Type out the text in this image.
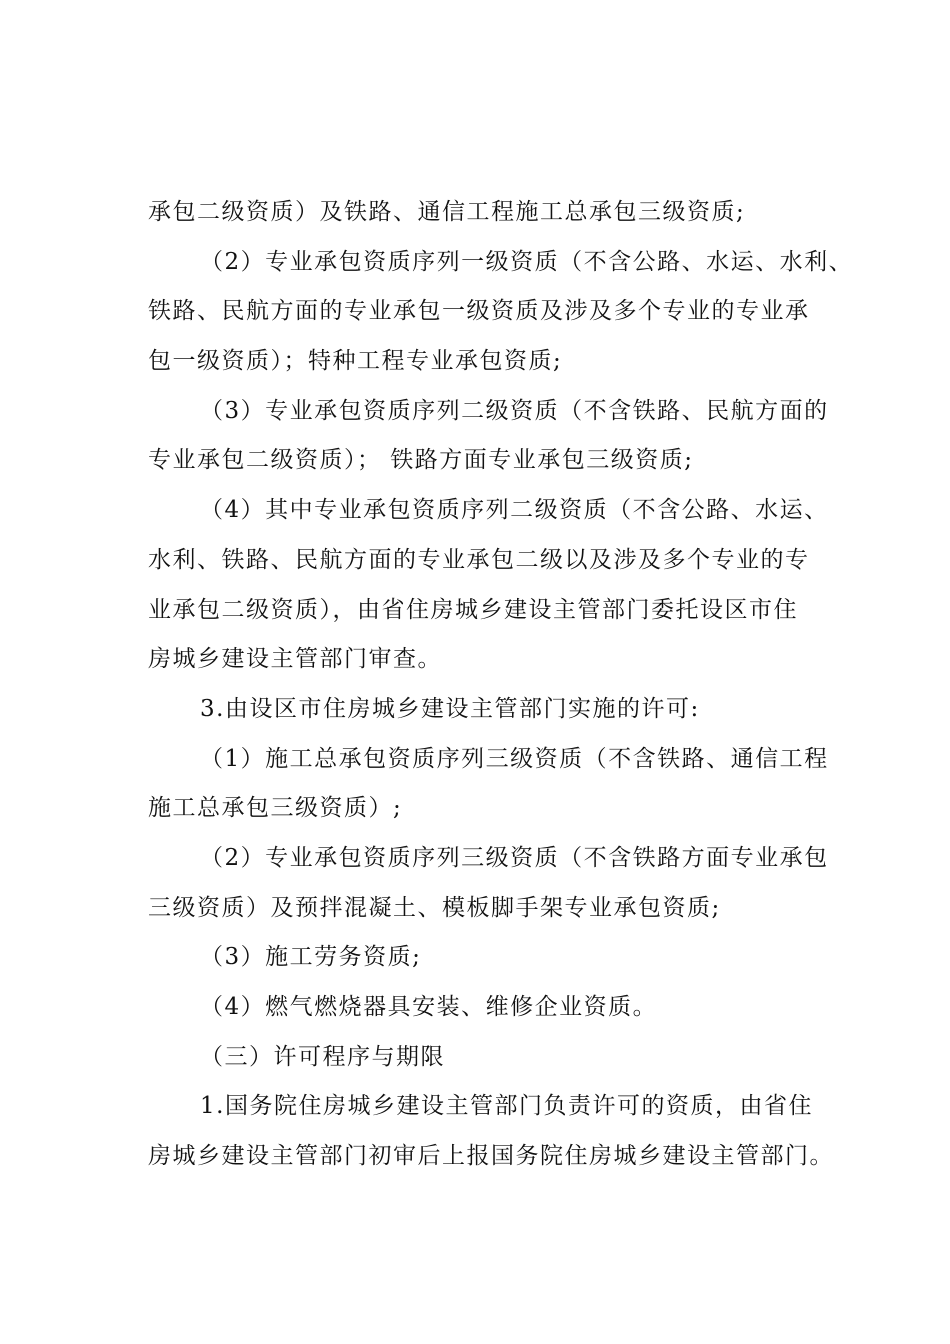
承包二级资质）及铁路、通信工程施工总承包三级资质;
（2）专业承包资质序列一级资质（不含公路、水运、水利、
铁路、民航方面的专业承包一级资质及涉及多个专业的专业承
包一级资质）；特种工程专业承包资质;
（3）专业承包资质序列二级资质（不含铁路、民航方面的
专业承包二级资质）； 铁路方面专业承包三级资质;
（4）其中专业承包资质序列二级资质（不含公路、水运、
水利、铁路、民航方面的专业承包二级以及涉及多个专业的专
业承包二级资质），由省住房城乡建设主管部门委托设区市住
房城乡建设主管部门审查。
3.由设区市住房城乡建设主管部门实施的许可:
（1）施工总承包资质序列三级资质（不含铁路、通信工程
施工总承包三级资质）;
（2）专业承包资质序列三级资质（不含铁路方面专业承包
三级资质）及预拌混凝土、模板脚手架专业承包资质;
（3）施工劳务资质;
（4）燃气燃烧器具安装、维修企业资质。
（三）许可程序与期限
1.国务院住房城乡建设主管部门负责许可的资质，由省住
房城乡建设主管部门初审后上报国务院住房城乡建设主管部门。
